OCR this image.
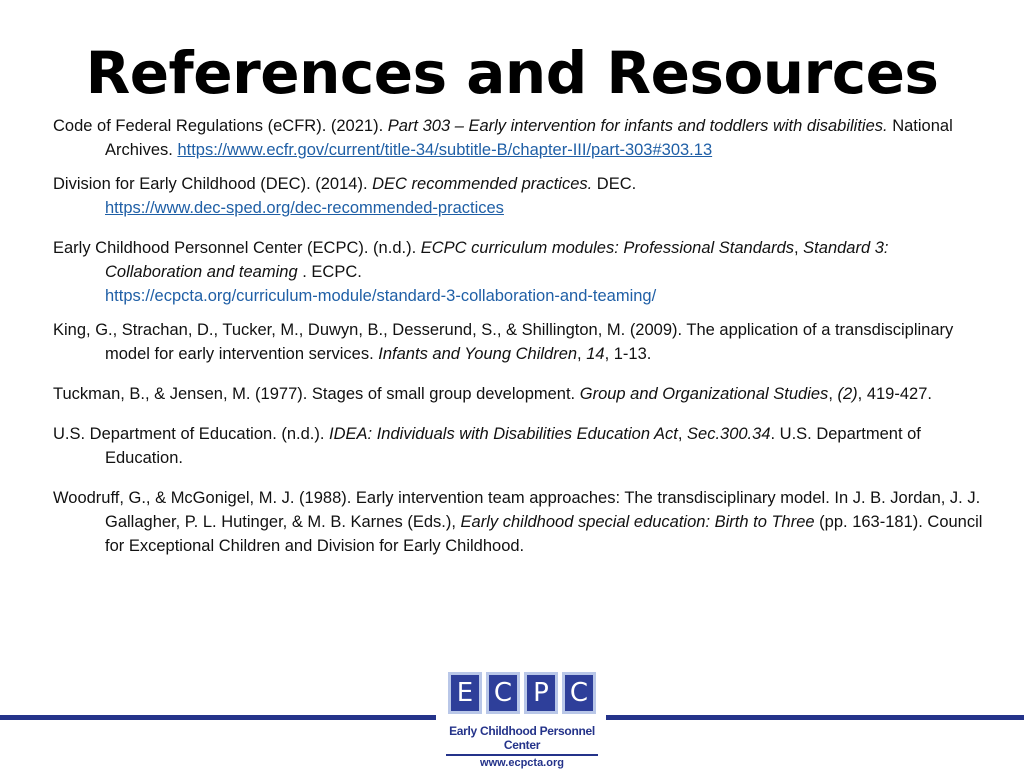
References and Resources

Code of Federal Regulations (eCFR). (2021). Part 303 – Early intervention for infants and toddlers with disabilities. National Archives. https://www.ecfr.gov/current/title-34/subtitle-B/chapter-III/part-303#303.13

Division for Early Childhood (DEC). (2014). DEC recommended practices. DEC.
https://www.dec-sped.org/dec-recommended-practices

Early Childhood Personnel Center (ECPC). (n.d.). ECPC curriculum modules: Professional Standards, Standard 3: Collaboration and teaming . ECPC.
https://ecpcta.org/curriculum-module/standard-3-collaboration-and-teaming/

King, G., Strachan, D., Tucker, M., Duwyn, B., Desserund, S., & Shillington, M. (2009). The application of a transdisciplinary model for early intervention services. Infants and Young Children, 14, 1-13.

Tuckman, B., & Jensen, M. (1977). Stages of small group development. Group and Organizational Studies, (2), 419-427.

U.S. Department of Education. (n.d.). IDEA: Individuals with Disabilities Education Act, Sec.300.34. U.S. Department of Education.

Woodruff, G., & McGonigel, M. J. (1988). Early intervention team approaches: The transdisciplinary model. In J. B. Jordan, J. J. Gallagher, P. L. Hutinger, & M. B. Karnes (Eds.), Early childhood special education: Birth to Three (pp. 163-181). Council for Exceptional Children and Division for Early Childhood.

E C P C
Early Childhood Personnel Center
www.ecpcta.org
